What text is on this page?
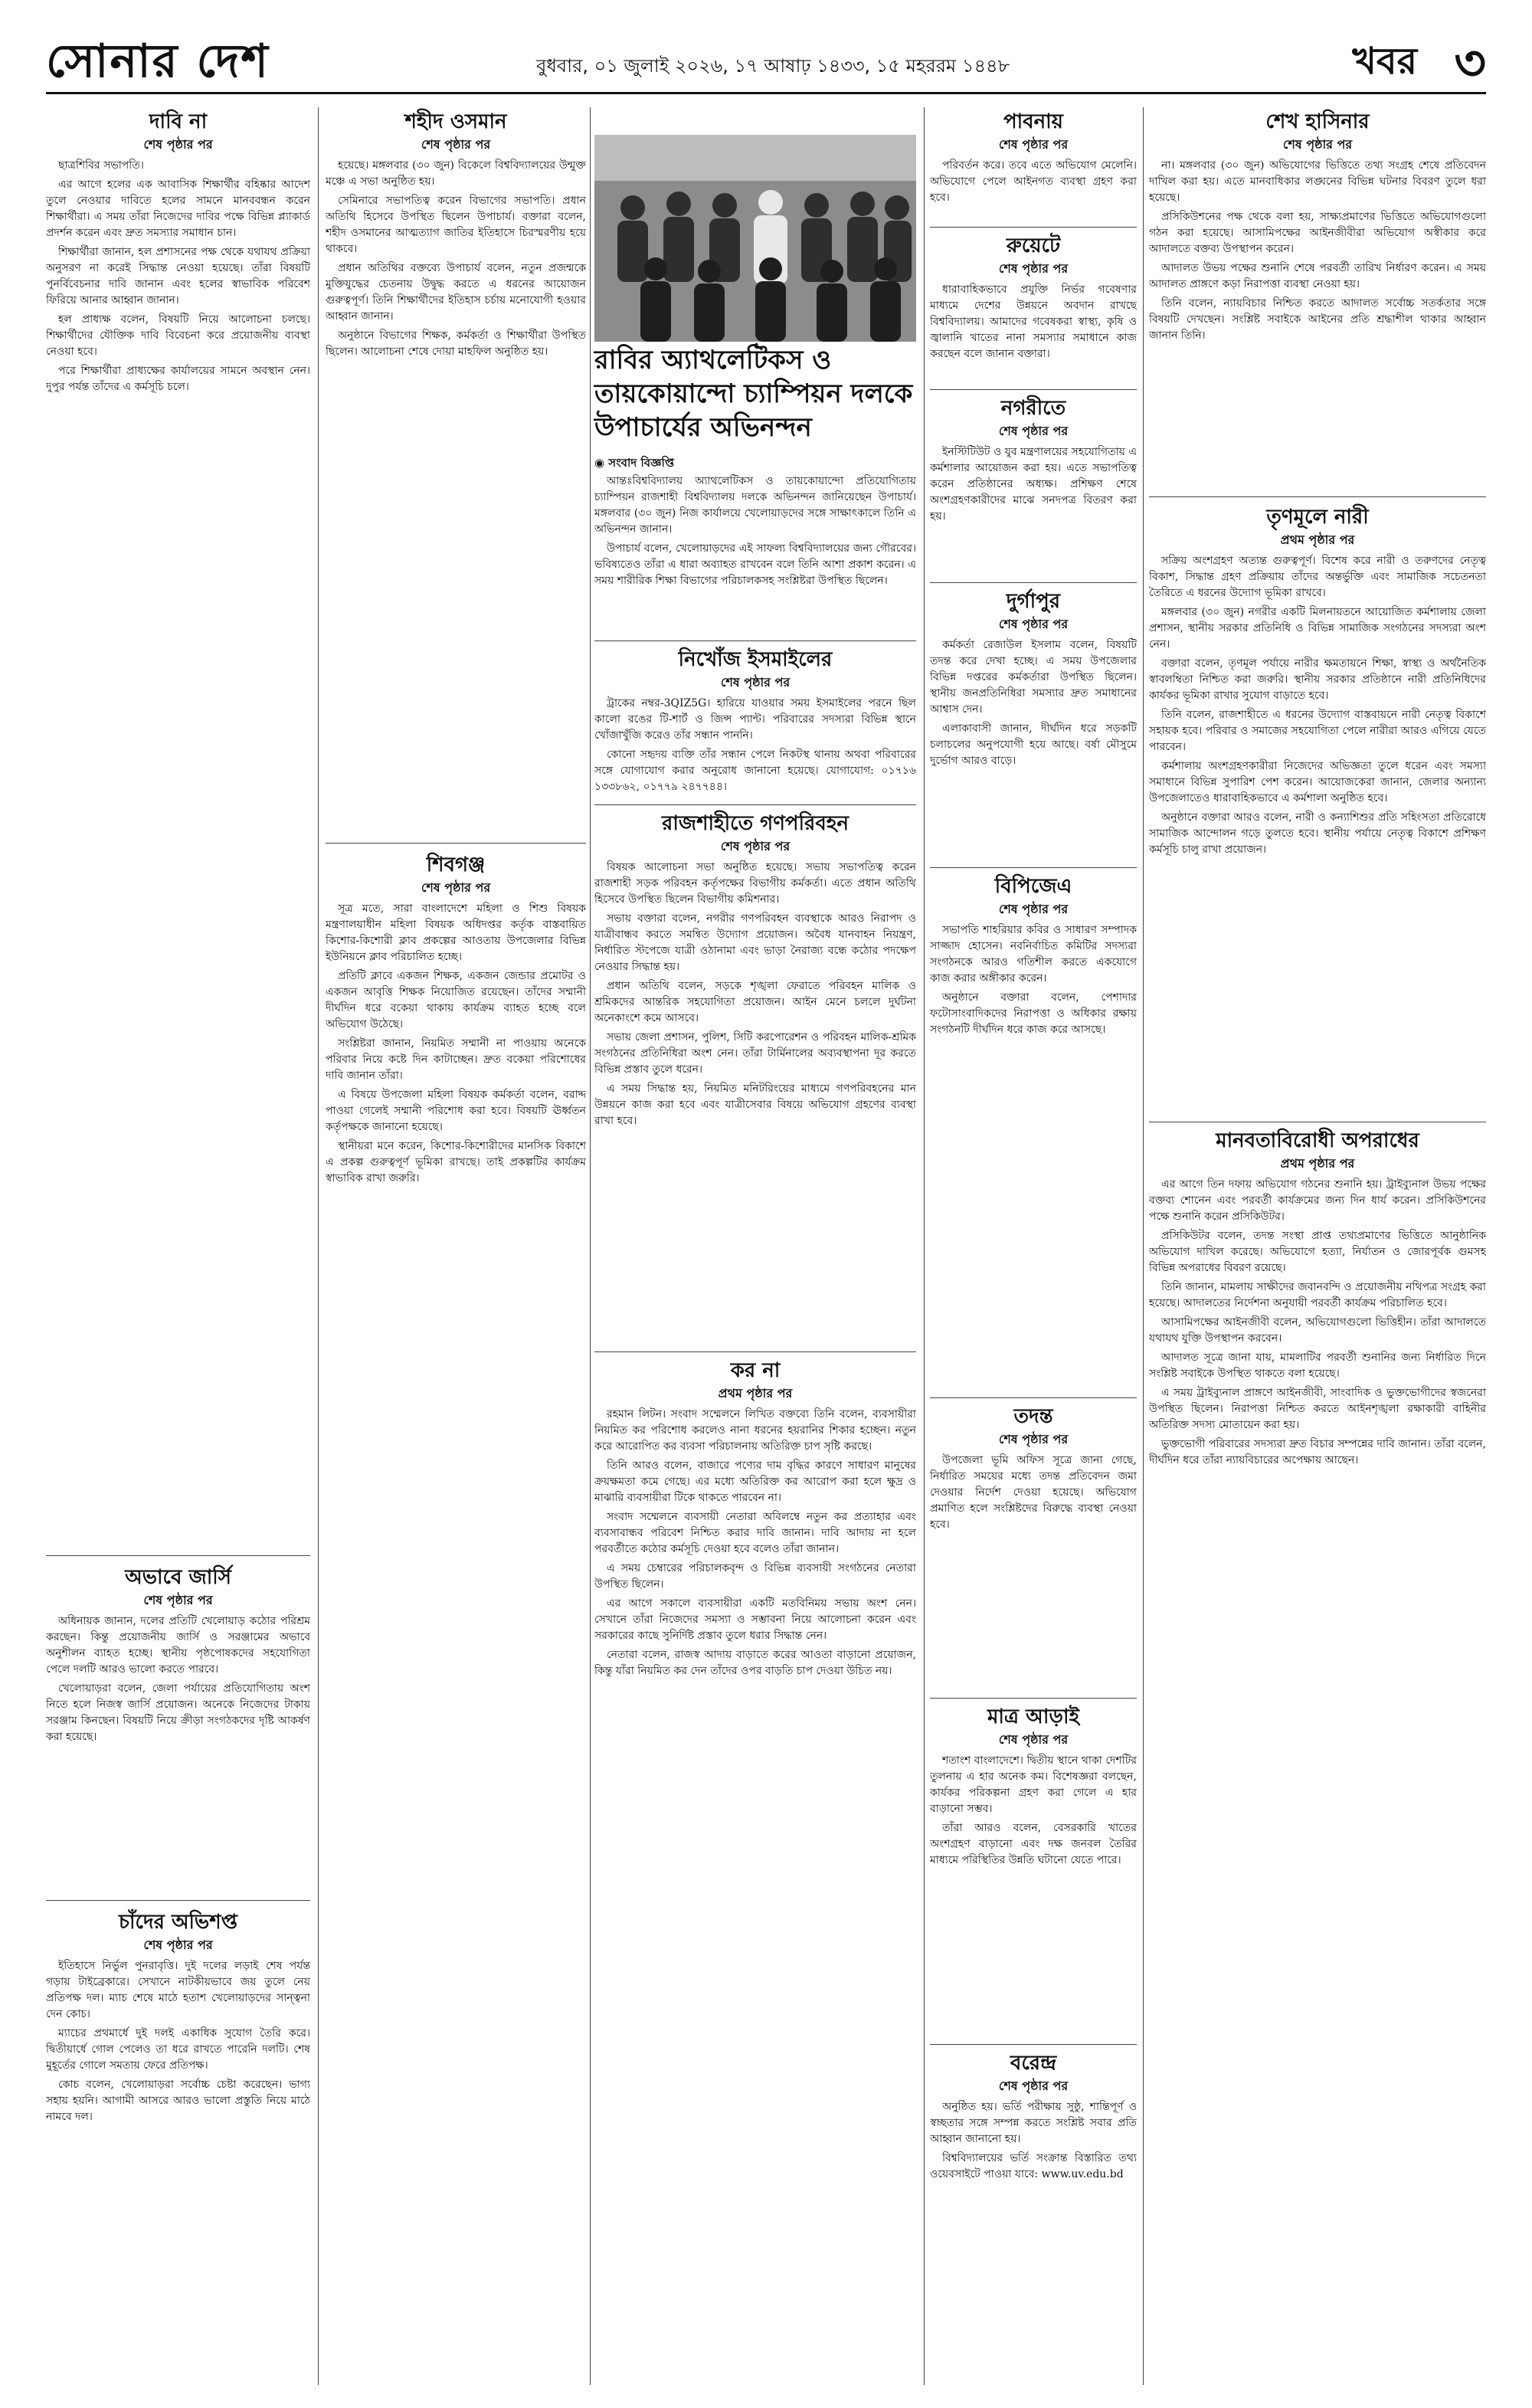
সোনার দেশ	বুধবার, ০১ জুলাই ২০২৬, ১৭ আষাঢ় ১৪৩৩, ১৫ মহররম ১৪৪৮	খবর ৩
দাবি না
শেষ পৃষ্ঠার পর

ছাত্রশিবির সভাপতি।

এর আগে হলের এক আবাসিক শিক্ষার্থীর বহিষ্কার আদেশ তুলে নেওয়ার দাবিতে হলের সামনে মানববন্ধন করেন শিক্ষার্থীরা। এ সময় তাঁরা নিজেদের দাবির পক্ষে বিভিন্ন প্ল্যাকার্ড প্রদর্শন করেন এবং দ্রুত সমস্যার সমাধান চান।

শিক্ষার্থীরা জানান, হল প্রশাসনের পক্ষ থেকে যথাযথ প্রক্রিয়া অনুসরণ না করেই সিদ্ধান্ত নেওয়া হয়েছে। তাঁরা বিষয়টি পুনর্বিবেচনার দাবি জানান এবং হলের স্বাভাবিক পরিবেশ ফিরিয়ে আনার আহ্বান জানান।

হল প্রাধ্যক্ষ বলেন, বিষয়টি নিয়ে আলোচনা চলছে। শিক্ষার্থীদের যৌক্তিক দাবি বিবেচনা করে প্রয়োজনীয় ব্যবস্থা নেওয়া হবে।

পরে শিক্ষার্থীরা প্রাধ্যক্ষের কার্যালয়ের সামনে অবস্থান নেন। দুপুর পর্যন্ত তাঁদের এ কর্মসূচি চলে।

অভাবে জার্সি
শেষ পৃষ্ঠার পর

অধিনায়ক জানান, দলের প্রতিটি খেলোয়াড় কঠোর পরিশ্রম করছেন। কিন্তু প্রয়োজনীয় জার্সি ও সরঞ্জামের অভাবে অনুশীলন ব্যাহত হচ্ছে। স্থানীয় পৃষ্ঠপোষকদের সহযোগিতা পেলে দলটি আরও ভালো করতে পারবে।

খেলোয়াড়রা বলেন, জেলা পর্যায়ের প্রতিযোগিতায় অংশ নিতে হলে নিজস্ব জার্সি প্রয়োজন। অনেকে নিজেদের টাকায় সরঞ্জাম কিনছেন। বিষয়টি নিয়ে ক্রীড়া সংগঠকদের দৃষ্টি আকর্ষণ করা হয়েছে।

চাঁদের অভিশপ্ত
শেষ পৃষ্ঠার পর

ইতিহাসে নির্ভুল পুনরাবৃত্তি। দুই দলের লড়াই শেষ পর্যন্ত গড়ায় টাইব্রেকারে। সেখানে নাটকীয়ভাবে জয় তুলে নেয় প্রতিপক্ষ দল। ম্যাচ শেষে মাঠে হতাশ খেলোয়াড়দের সান্ত্বনা দেন কোচ।

ম্যাচের প্রথমার্ধে দুই দলই একাধিক সুযোগ তৈরি করে। দ্বিতীয়ার্ধে গোল পেলেও তা ধরে রাখতে পারেনি দলটি। শেষ মুহূর্তের গোলে সমতায় ফেরে প্রতিপক্ষ।

কোচ বলেন, খেলোয়াড়রা সর্বোচ্চ চেষ্টা করেছেন। ভাগ্য সহায় হয়নি। আগামী আসরে আরও ভালো প্রস্তুতি নিয়ে মাঠে নামবে দল।

শহীদ ওসমান
শেষ পৃষ্ঠার পর

হয়েছে। মঙ্গলবার (৩০ জুন) বিকেলে বিশ্ববিদ্যালয়ের উন্মুক্ত মঞ্চে এ সভা অনুষ্ঠিত হয়।

সেমিনারে সভাপতিত্ব করেন বিভাগের সভাপতি। প্রধান অতিথি হিসেবে উপস্থিত ছিলেন উপাচার্য। বক্তারা বলেন, শহীদ ওসমানের আত্মত্যাগ জাতির ইতিহাসে চিরস্মরণীয় হয়ে থাকবে।

প্রধান অতিথির বক্তব্যে উপাচার্য বলেন, নতুন প্রজন্মকে মুক্তিযুদ্ধের চেতনায় উদ্বুদ্ধ করতে এ ধরনের আয়োজন গুরুত্বপূর্ণ। তিনি শিক্ষার্থীদের ইতিহাস চর্চায় মনোযোগী হওয়ার আহ্বান জানান।

অনুষ্ঠানে বিভাগের শিক্ষক, কর্মকর্তা ও শিক্ষার্থীরা উপস্থিত ছিলেন। আলোচনা শেষে দোয়া মাহফিল অনুষ্ঠিত হয়।

শিবগঞ্জ
শেষ পৃষ্ঠার পর

সূত্র মতে, সারা বাংলাদেশে মহিলা ও শিশু বিষয়ক মন্ত্রণালয়াধীন মহিলা বিষয়ক অধিদপ্তর কর্তৃক বাস্তবায়িত কিশোর-কিশোরী ক্লাব প্রকল্পের আওতায় উপজেলার বিভিন্ন ইউনিয়নে ক্লাব পরিচালিত হচ্ছে।

প্রতিটি ক্লাবে একজন শিক্ষক, একজন জেন্ডার প্রমোটর ও একজন আবৃত্তি শিক্ষক নিয়োজিত রয়েছেন। তাঁদের সম্মানী দীর্ঘদিন ধরে বকেয়া থাকায় কার্যক্রম ব্যাহত হচ্ছে বলে অভিযোগ উঠেছে।

সংশ্লিষ্টরা জানান, নিয়মিত সম্মানী না পাওয়ায় অনেকে পরিবার নিয়ে কষ্টে দিন কাটাচ্ছেন। দ্রুত বকেয়া পরিশোধের দাবি জানান তাঁরা।

এ বিষয়ে উপজেলা মহিলা বিষয়ক কর্মকর্তা বলেন, বরাদ্দ পাওয়া গেলেই সম্মানী পরিশোধ করা হবে। বিষয়টি ঊর্ধ্বতন কর্তৃপক্ষকে জানানো হয়েছে।

স্থানীয়রা মনে করেন, কিশোর-কিশোরীদের মানসিক বিকাশে এ প্রকল্প গুরুত্বপূর্ণ ভূমিকা রাখছে। তাই প্রকল্পটির কার্যক্রম স্বাভাবিক রাখা জরুরি।

রাবির অ্যাথলেটিকস ও তায়কোয়ান্দো চ্যাম্পিয়ন দলকে উপাচার্যের অভিনন্দন
◉ সংবাদ বিজ্ঞপ্তি

আন্তঃবিশ্ববিদ্যালয় অ্যাথলেটিকস ও তায়কোয়ান্দো প্রতিযোগিতায় চ্যাম্পিয়ন রাজশাহী বিশ্ববিদ্যালয় দলকে অভিনন্দন জানিয়েছেন উপাচার্য। মঙ্গলবার (৩০ জুন) নিজ কার্যালয়ে খেলোয়াড়দের সঙ্গে সাক্ষাৎকালে তিনি এ অভিনন্দন জানান।

উপাচার্য বলেন, খেলোয়াড়দের এই সাফল্য বিশ্ববিদ্যালয়ের জন্য গৌরবের। ভবিষ্যতেও তাঁরা এ ধারা অব্যাহত রাখবেন বলে তিনি আশা প্রকাশ করেন। এ সময় শারীরিক শিক্ষা বিভাগের পরিচালকসহ সংশ্লিষ্টরা উপস্থিত ছিলেন।

নিখোঁজ ইসমাইলের
শেষ পৃষ্ঠার পর

ট্রাকের নম্বর-3QIZ5G। হারিয়ে যাওয়ার সময় ইসমাইলের পরনে ছিল কালো রঙের টি-শার্ট ও জিন্স প্যান্ট। পরিবারের সদস্যরা বিভিন্ন স্থানে খোঁজাখুঁজি করেও তাঁর সন্ধান পাননি।

কোনো সহৃদয় ব্যক্তি তাঁর সন্ধান পেলে নিকটস্থ থানায় অথবা পরিবারের সঙ্গে যোগাযোগ করার অনুরোধ জানানো হয়েছে। যোগাযোগ: ০১৭১৬ ১৩৩৮৬২, ০১৭৭৯ ২৪৭৭৪৪।

রাজশাহীতে গণপরিবহন
শেষ পৃষ্ঠার পর

বিষয়ক আলোচনা সভা অনুষ্ঠিত হয়েছে। সভায় সভাপতিত্ব করেন রাজশাহী সড়ক পরিবহন কর্তৃপক্ষের বিভাগীয় কর্মকর্তা। এতে প্রধান অতিথি হিসেবে উপস্থিত ছিলেন বিভাগীয় কমিশনার।

সভায় বক্তারা বলেন, নগরীর গণপরিবহন ব্যবস্থাকে আরও নিরাপদ ও যাত্রীবান্ধব করতে সমন্বিত উদ্যোগ প্রয়োজন। অবৈধ যানবাহন নিয়ন্ত্রণ, নির্ধারিত স্টপেজে যাত্রী ওঠানামা এবং ভাড়া নৈরাজ্য বন্ধে কঠোর পদক্ষেপ নেওয়ার সিদ্ধান্ত হয়।

প্রধান অতিথি বলেন, সড়কে শৃঙ্খলা ফেরাতে পরিবহন মালিক ও শ্রমিকদের আন্তরিক সহযোগিতা প্রয়োজন। আইন মেনে চললে দুর্ঘটনা অনেকাংশে কমে আসবে।

সভায় জেলা প্রশাসন, পুলিশ, সিটি করপোরেশন ও পরিবহন মালিক-শ্রমিক সংগঠনের প্রতিনিধিরা অংশ নেন। তাঁরা টার্মিনালের অব্যবস্থাপনা দূর করতে বিভিন্ন প্রস্তাব তুলে ধরেন।

এ সময় সিদ্ধান্ত হয়, নিয়মিত মনিটরিংয়ের মাধ্যমে গণপরিবহনের মান উন্নয়নে কাজ করা হবে এবং যাত্রীসেবার বিষয়ে অভিযোগ গ্রহণের ব্যবস্থা রাখা হবে।

কর না
প্রথম পৃষ্ঠার পর

রহমান লিটন। সংবাদ সম্মেলনে লিখিত বক্তব্যে তিনি বলেন, ব্যবসায়ীরা নিয়মিত কর পরিশোধ করলেও নানা ধরনের হয়রানির শিকার হচ্ছেন। নতুন করে আরোপিত কর ব্যবসা পরিচালনায় অতিরিক্ত চাপ সৃষ্টি করছে।

তিনি আরও বলেন, বাজারে পণ্যের দাম বৃদ্ধির কারণে সাধারণ মানুষের ক্রয়ক্ষমতা কমে গেছে। এর মধ্যে অতিরিক্ত কর আরোপ করা হলে ক্ষুদ্র ও মাঝারি ব্যবসায়ীরা টিকে থাকতে পারবেন না।

সংবাদ সম্মেলনে ব্যবসায়ী নেতারা অবিলম্বে নতুন কর প্রত্যাহার এবং ব্যবসাবান্ধব পরিবেশ নিশ্চিত করার দাবি জানান। দাবি আদায় না হলে পরবর্তীতে কঠোর কর্মসূচি দেওয়া হবে বলেও তাঁরা জানান।

এ সময় চেম্বারের পরিচালকবৃন্দ ও বিভিন্ন ব্যবসায়ী সংগঠনের নেতারা উপস্থিত ছিলেন।

এর আগে সকালে ব্যবসায়ীরা একটি মতবিনিময় সভায় অংশ নেন। সেখানে তাঁরা নিজেদের সমস্যা ও সম্ভাবনা নিয়ে আলোচনা করেন এবং সরকারের কাছে সুনির্দিষ্ট প্রস্তাব তুলে ধরার সিদ্ধান্ত নেন।

নেতারা বলেন, রাজস্ব আদায় বাড়াতে করের আওতা বাড়ানো প্রয়োজন, কিন্তু যাঁরা নিয়মিত কর দেন তাঁদের ওপর বাড়তি চাপ দেওয়া উচিত নয়।

পাবনায়
শেষ পৃষ্ঠার পর

পরিবর্তন করে। তবে এতে অভিযোগ মেলেনি। অভিযোগে পেলে আইনগত ব্যবস্থা গ্রহণ করা হবে।

রুয়েটে
শেষ পৃষ্ঠার পর

ধারাবাহিকভাবে প্রযুক্তি নির্ভর গবেষণার মাধ্যমে দেশের উন্নয়নে অবদান রাখছে বিশ্ববিদ্যালয়। আমাদের গবেষকরা স্বাস্থ্য, কৃষি ও জ্বালানি খাতের নানা সমস্যার সমাধানে কাজ করছেন বলে জানান বক্তারা।

নগরীতে
শেষ পৃষ্ঠার পর

ইনস্টিটিউট ও যুব মন্ত্রণালয়ের সহযোগিতায় এ কর্মশালার আয়োজন করা হয়। এতে সভাপতিত্ব করেন প্রতিষ্ঠানের অধ্যক্ষ। প্রশিক্ষণ শেষে অংশগ্রহণকারীদের মাঝে সনদপত্র বিতরণ করা হয়।

দুর্গাপুর
শেষ পৃষ্ঠার পর

কর্মকর্তা রেজাউল ইসলাম বলেন, বিষয়টি তদন্ত করে দেখা হচ্ছে। এ সময় উপজেলার বিভিন্ন দপ্তরের কর্মকর্তারা উপস্থিত ছিলেন। স্থানীয় জনপ্রতিনিধিরা সমস্যার দ্রুত সমাধানের আশ্বাস দেন।

এলাকাবাসী জানান, দীর্ঘদিন ধরে সড়কটি চলাচলের অনুপযোগী হয়ে আছে। বর্ষা মৌসুমে দুর্ভোগ আরও বাড়ে।

বিপিজেএ
শেষ পৃষ্ঠার পর

সভাপতি শাহরিয়ার কবির ও সাধারণ সম্পাদক সাজ্জাদ হোসেন। নবনির্বাচিত কমিটির সদস্যরা সংগঠনকে আরও গতিশীল করতে একযোগে কাজ করার অঙ্গীকার করেন।

অনুষ্ঠানে বক্তারা বলেন, পেশাদার ফটোসাংবাদিকদের নিরাপত্তা ও অধিকার রক্ষায় সংগঠনটি দীর্ঘদিন ধরে কাজ করে আসছে।

তদন্ত
শেষ পৃষ্ঠার পর

উপজেলা ভূমি অফিস সূত্রে জানা গেছে, নির্ধারিত সময়ের মধ্যে তদন্ত প্রতিবেদন জমা দেওয়ার নির্দেশ দেওয়া হয়েছে। অভিযোগ প্রমাণিত হলে সংশ্লিষ্টদের বিরুদ্ধে ব্যবস্থা নেওয়া হবে।

মাত্র আড়াই
শেষ পৃষ্ঠার পর

শতাংশ বাংলাদেশে। দ্বিতীয় স্থানে থাকা দেশটির তুলনায় এ হার অনেক কম। বিশেষজ্ঞরা বলছেন, কার্যকর পরিকল্পনা গ্রহণ করা গেলে এ হার বাড়ানো সম্ভব।

তাঁরা আরও বলেন, বেসরকারি খাতের অংশগ্রহণ বাড়ানো এবং দক্ষ জনবল তৈরির মাধ্যমে পরিস্থিতির উন্নতি ঘটানো যেতে পারে।

বরেন্দ্র
শেষ পৃষ্ঠার পর

অনুষ্ঠিত হয়। ভর্তি পরীক্ষায় সুষ্ঠু, শান্তিপূর্ণ ও স্বচ্ছতার সঙ্গে সম্পন্ন করতে সংশ্লিষ্ট সবার প্রতি আহ্বান জানানো হয়।

বিশ্ববিদ্যালয়ের ভর্তি সংক্রান্ত বিস্তারিত তথ্য ওয়েবসাইটে পাওয়া যাবে: www.uv.edu.bd

শেখ হাসিনার
শেষ পৃষ্ঠার পর

না। মঙ্গলবার (৩০ জুন) অভিযোগের ভিত্তিতে তথ্য সংগ্রহ শেষে প্রতিবেদন দাখিল করা হয়। এতে মানবাধিকার লঙ্ঘনের বিভিন্ন ঘটনার বিবরণ তুলে ধরা হয়েছে।

প্রসিকিউশনের পক্ষ থেকে বলা হয়, সাক্ষ্যপ্রমাণের ভিত্তিতে অভিযোগগুলো গঠন করা হয়েছে। আসামিপক্ষের আইনজীবীরা অভিযোগ অস্বীকার করে আদালতে বক্তব্য উপস্থাপন করেন।

আদালত উভয় পক্ষের শুনানি শেষে পরবর্তী তারিখ নির্ধারণ করেন। এ সময় আদালত প্রাঙ্গণে কড়া নিরাপত্তা ব্যবস্থা নেওয়া হয়।

তিনি বলেন, ন্যায়বিচার নিশ্চিত করতে আদালত সর্বোচ্চ সতর্কতার সঙ্গে বিষয়টি দেখছেন। সংশ্লিষ্ট সবাইকে আইনের প্রতি শ্রদ্ধাশীল থাকার আহ্বান জানান তিনি।

তৃণমূলে নারী
প্রথম পৃষ্ঠার পর

সক্রিয় অংশগ্রহণ অত্যন্ত গুরুত্বপূর্ণ। বিশেষ করে নারী ও তরুণদের নেতৃত্ব বিকাশ, সিদ্ধান্ত গ্রহণ প্রক্রিয়ায় তাঁদের অন্তর্ভুক্তি এবং সামাজিক সচেতনতা তৈরিতে এ ধরনের উদ্যোগ ভূমিকা রাখবে।

মঙ্গলবার (৩০ জুন) নগরীর একটি মিলনায়তনে আয়োজিত কর্মশালায় জেলা প্রশাসন, স্থানীয় সরকার প্রতিনিধি ও বিভিন্ন সামাজিক সংগঠনের সদস্যরা অংশ নেন।

বক্তারা বলেন, তৃণমূল পর্যায়ে নারীর ক্ষমতায়নে শিক্ষা, স্বাস্থ্য ও অর্থনৈতিক স্বাবলম্বিতা নিশ্চিত করা জরুরি। স্থানীয় সরকার প্রতিষ্ঠানে নারী প্রতিনিধিদের কার্যকর ভূমিকা রাখার সুযোগ বাড়াতে হবে।

তিনি বলেন, রাজশাহীতে এ ধরনের উদ্যোগ বাস্তবায়নে নারী নেতৃত্ব বিকাশে সহায়ক হবে। পরিবার ও সমাজের সহযোগিতা পেলে নারীরা আরও এগিয়ে যেতে পারবেন।

কর্মশালায় অংশগ্রহণকারীরা নিজেদের অভিজ্ঞতা তুলে ধরেন এবং সমস্যা সমাধানে বিভিন্ন সুপারিশ পেশ করেন। আয়োজকেরা জানান, জেলার অন্যান্য উপজেলাতেও ধারাবাহিকভাবে এ কর্মশালা অনুষ্ঠিত হবে।

অনুষ্ঠানে বক্তারা আরও বলেন, নারী ও কন্যাশিশুর প্রতি সহিংসতা প্রতিরোধে সামাজিক আন্দোলন গড়ে তুলতে হবে। স্থানীয় পর্যায়ে নেতৃত্ব বিকাশে প্রশিক্ষণ কর্মসূচি চালু রাখা প্রয়োজন।

মানবতাবিরোধী অপরাধের
প্রথম পৃষ্ঠার পর

এর আগে তিন দফায় অভিযোগ গঠনের শুনানি হয়। ট্রাইব্যুনাল উভয় পক্ষের বক্তব্য শোনেন এবং পরবর্তী কার্যক্রমের জন্য দিন ধার্য করেন। প্রসিকিউশনের পক্ষে শুনানি করেন প্রসিকিউটর।

প্রসিকিউটর বলেন, তদন্ত সংস্থা প্রাপ্ত তথ্যপ্রমাণের ভিত্তিতে আনুষ্ঠানিক অভিযোগ দাখিল করেছে। অভিযোগে হত্যা, নির্যাতন ও জোরপূর্বক গুমসহ বিভিন্ন অপরাধের বিবরণ রয়েছে।

তিনি জানান, মামলায় সাক্ষীদের জবানবন্দি ও প্রয়োজনীয় নথিপত্র সংগ্রহ করা হয়েছে। আদালতের নির্দেশনা অনুযায়ী পরবর্তী কার্যক্রম পরিচালিত হবে।

আসামিপক্ষের আইনজীবী বলেন, অভিযোগগুলো ভিত্তিহীন। তাঁরা আদালতে যথাযথ যুক্তি উপস্থাপন করবেন।

আদালত সূত্রে জানা যায়, মামলাটির পরবর্তী শুনানির জন্য নির্ধারিত দিনে সংশ্লিষ্ট সবাইকে উপস্থিত থাকতে বলা হয়েছে।

এ সময় ট্রাইব্যুনাল প্রাঙ্গণে আইনজীবী, সাংবাদিক ও ভুক্তভোগীদের স্বজনেরা উপস্থিত ছিলেন। নিরাপত্তা নিশ্চিত করতে আইনশৃঙ্খলা রক্ষাকারী বাহিনীর অতিরিক্ত সদস্য মোতায়েন করা হয়।

ভুক্তভোগী পরিবারের সদস্যরা দ্রুত বিচার সম্পন্নের দাবি জানান। তাঁরা বলেন, দীর্ঘদিন ধরে তাঁরা ন্যায়বিচারের অপেক্ষায় আছেন।
